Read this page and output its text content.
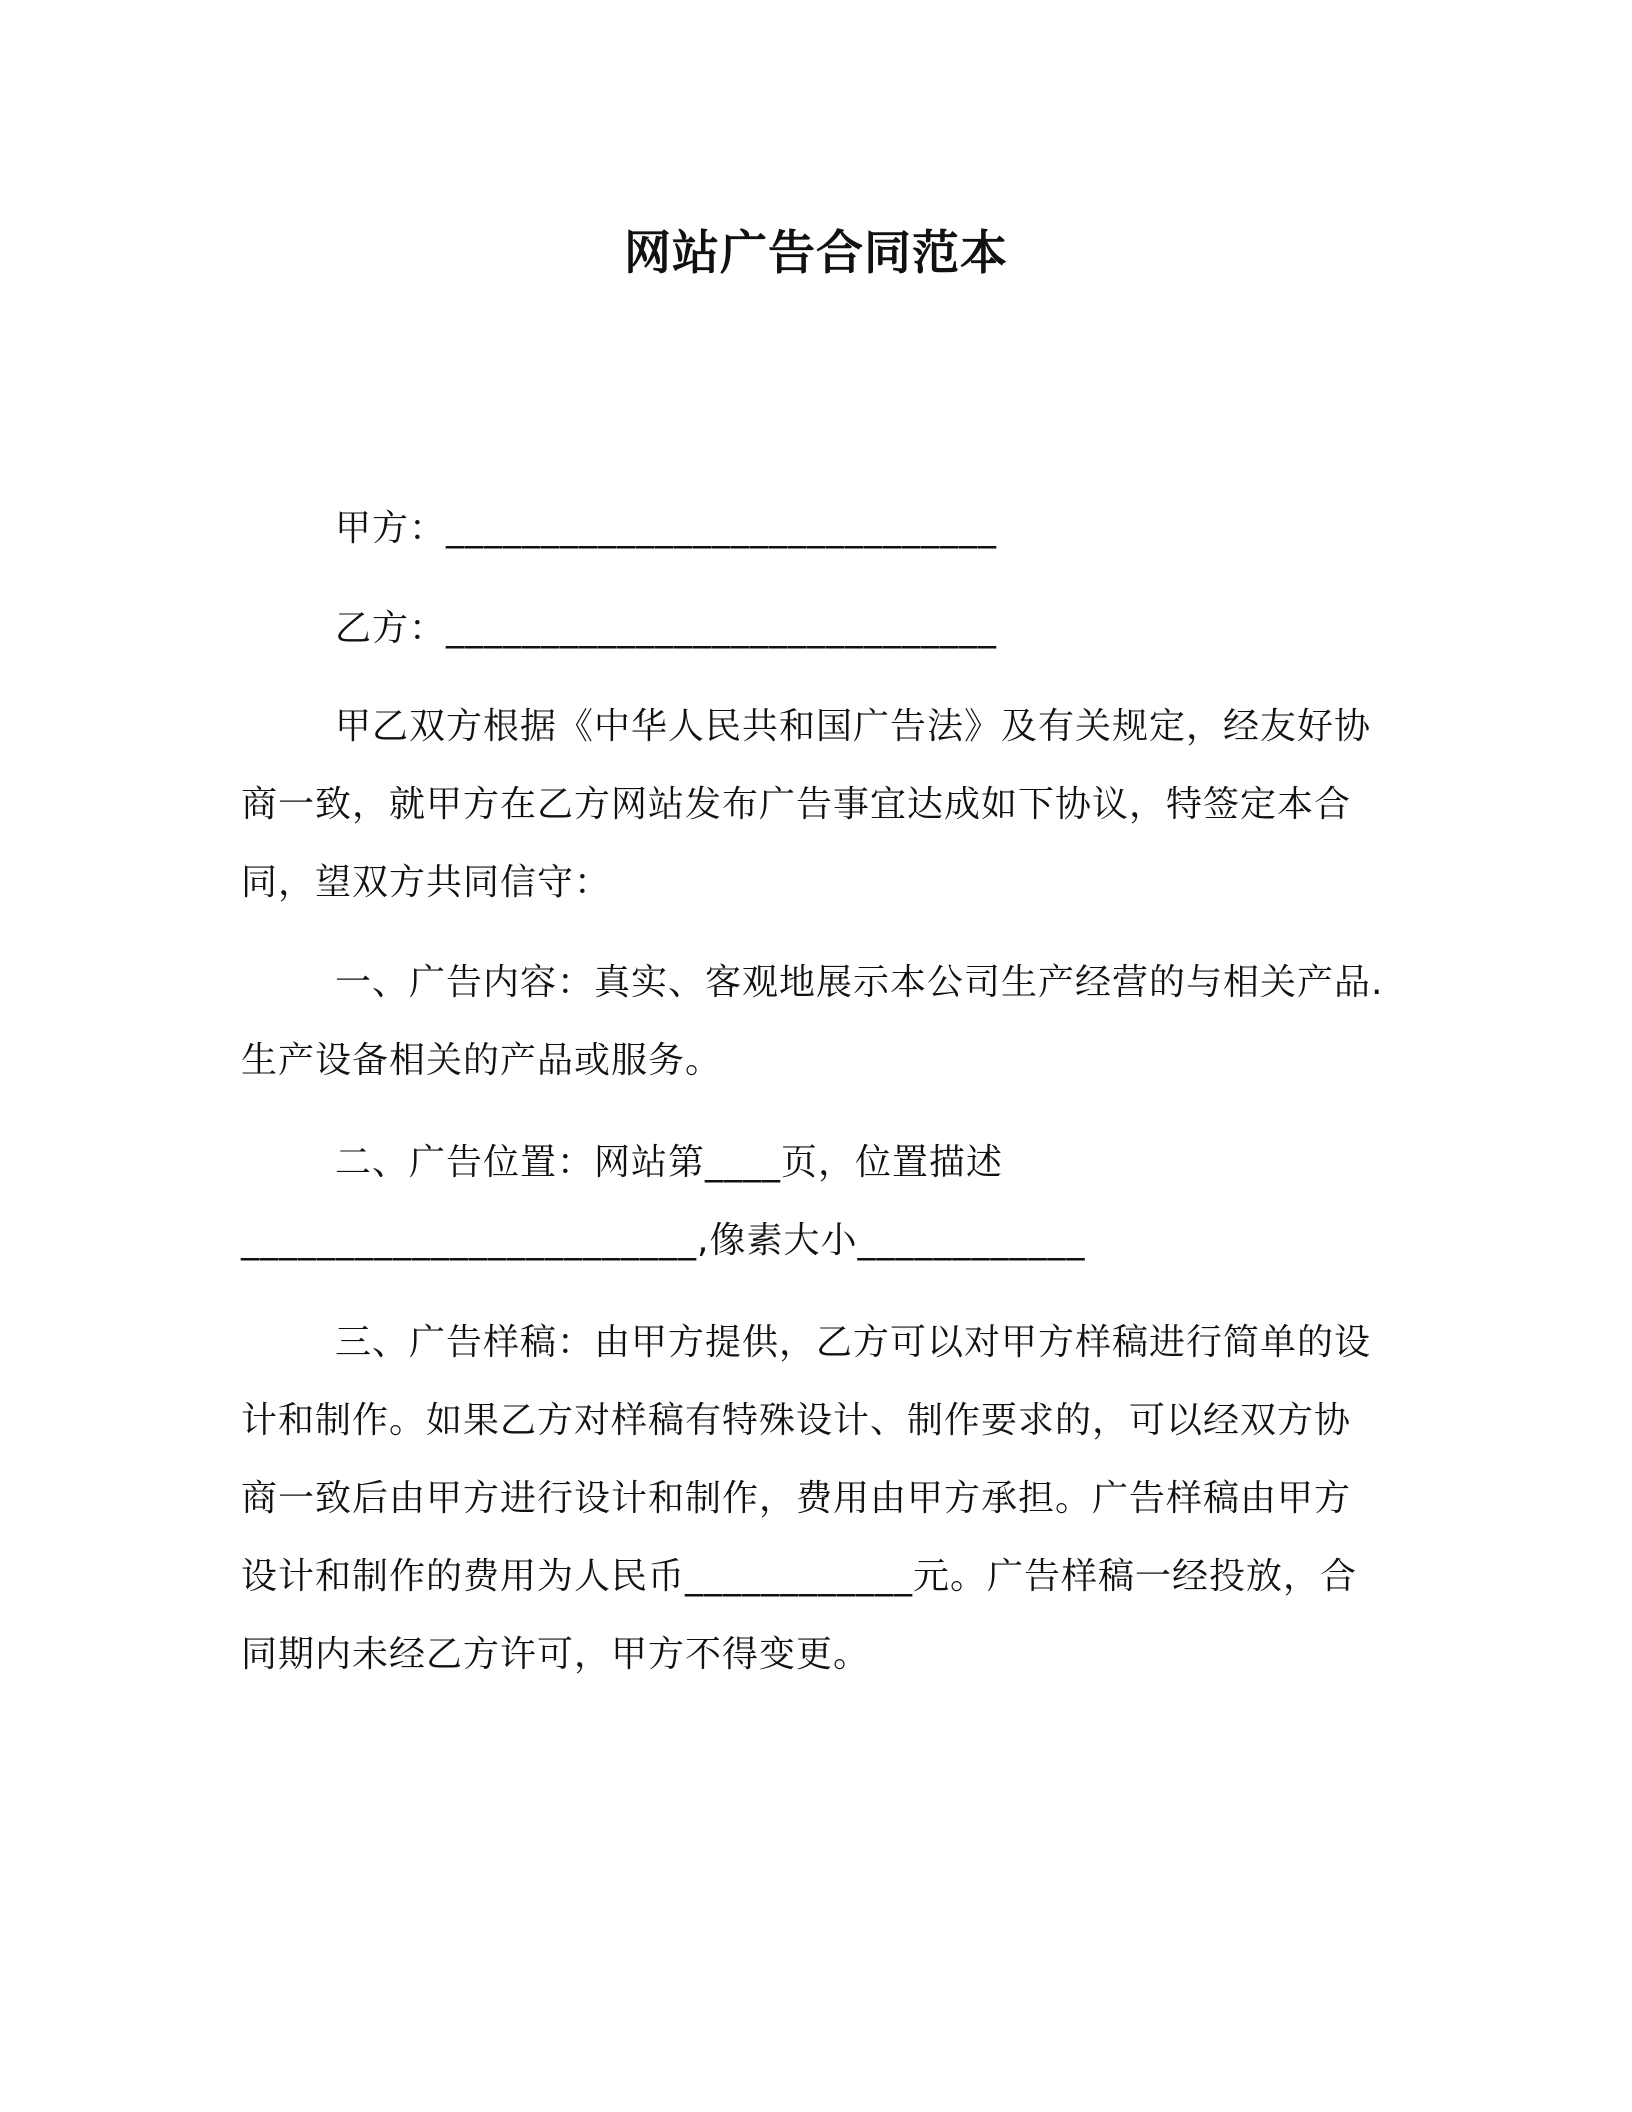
网站广告合同范本
甲方：_____________________________
乙方：_____________________________
甲乙双方根据《中华人民共和国广告法》及有关规定，经友好协
商一致，就甲方在乙方网站发布广告事宜达成如下协议，特签定本合
同，望双方共同信守：
一、广告内容：真实、客观地展示本公司生产经营的与相关产品.
生产设备相关的产品或服务。
二、广告位置：网站第____页，位置描述
________________________,像素大小____________
三、广告样稿：由甲方提供，乙方可以对甲方样稿进行简单的设
计和制作。如果乙方对样稿有特殊设计、制作要求的，可以经双方协
商一致后由甲方进行设计和制作，费用由甲方承担。广告样稿由甲方
设计和制作的费用为人民币____________元。广告样稿一经投放，合
同期内未经乙方许可，甲方不得变更。
